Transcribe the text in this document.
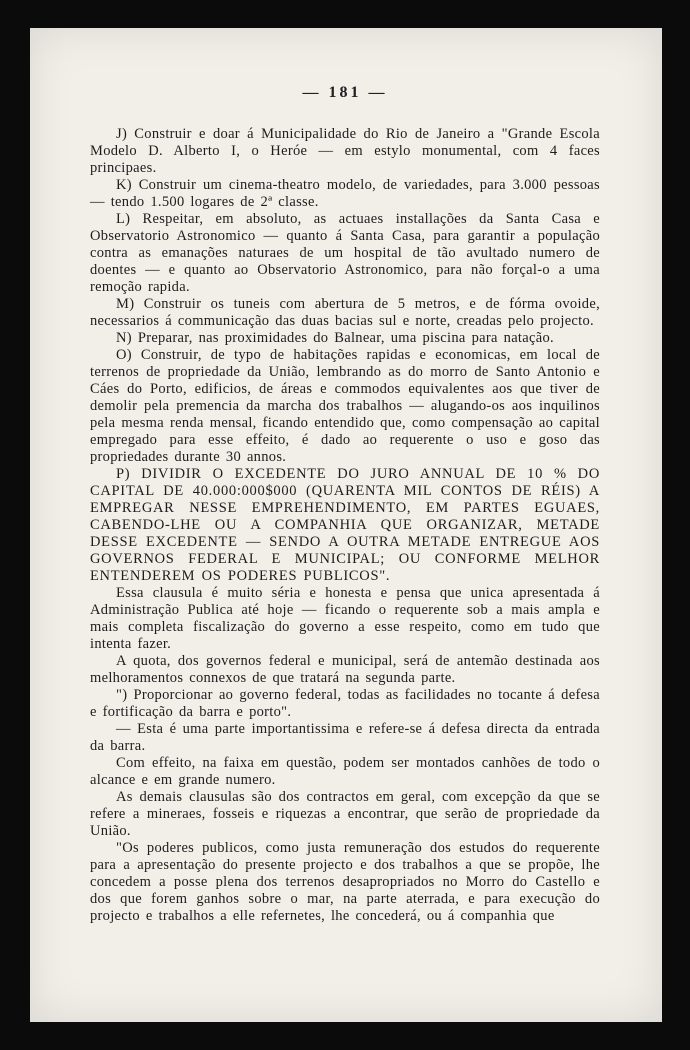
— 181 —

J) Construir e doar á Municipalidade do Rio de Janeiro a "Grande Escola Modelo D. Alberto I, o Heróe — em estylo monumental, com 4 faces principaes.

K) Construir um cinema-theatro modelo, de variedades, para 3.000 pessoas — tendo 1.500 logares de 2ª classe.

L) Respeitar, em absoluto, as actuaes installações da Santa Casa e Observatorio Astronomico — quanto á Santa Casa, para garantir a população contra as emanações naturaes de um hospital de tão avultado numero de doentes — e quanto ao Observatorio Astronomico, para não forçal-o a uma remoção rapida.

M) Construir os tuneis com abertura de 5 metros, e de fórma ovoide, necessarios á communicação das duas bacias sul e norte, creadas pelo projecto.

N) Preparar, nas proximidades do Balnear, uma piscina para natação.

O) Construir, de typo de habitações rapidas e economicas, em local de terrenos de propriedade da União, lembrando as do morro de Santo Antonio e Cáes do Porto, edificios, de áreas e commodos equivalentes aos que tiver de demolir pela premencia da marcha dos trabalhos — alugando-os aos inquilinos pela mesma renda mensal, ficando entendido que, como compensação ao capital empregado para esse effeito, é dado ao requerente o uso e goso das propriedades durante 30 annos.

P) DIVIDIR O EXCEDENTE DO JURO ANNUAL DE 10 % DO CAPITAL DE 40.000:000$000 (QUARENTA MIL CONTOS DE RÉIS) A EMPREGAR NESSE EMPREHENDIMENTO, EM PARTES EGUAES, CABENDO-LHE OU A COMPANHIA QUE ORGANIZAR, METADE DESSE EXCEDENTE — SENDO A OUTRA METADE ENTREGUE AOS GOVERNOS FEDERAL E MUNICIPAL; OU CONFORME MELHOR ENTENDEREM OS PODERES PUBLICOS".

Essa clausula é muito séria e honesta e pensa que unica apresentada á Administração Publica até hoje — ficando o requerente sob a mais ampla e mais completa fiscalização do governo a esse respeito, como em tudo que intenta fazer.

A quota, dos governos federal e municipal, será de antemão destinada aos melhoramentos connexos de que tratará na segunda parte.

") Proporcionar ao governo federal, todas as facilidades no tocante á defesa e fortificação da barra e porto".

— Esta é uma parte importantissima e refere-se á defesa directa da entrada da barra.

Com effeito, na faixa em questão, podem ser montados canhões de todo o alcance e em grande numero.

As demais clausulas são dos contractos em geral, com excepção da que se refere a mineraes, fosseis e riquezas a encontrar, que serão de propriedade da União.

"Os poderes publicos, como justa remuneração dos estudos do requerente para a apresentação do presente projecto e dos trabalhos a que se propõe, lhe concedem a posse plena dos terrenos desapropriados no Morro do Castello e dos que forem ganhos sobre o mar, na parte aterrada, e para execução do projecto e trabalhos a elle refernetes, lhe concederá, ou á companhia que
